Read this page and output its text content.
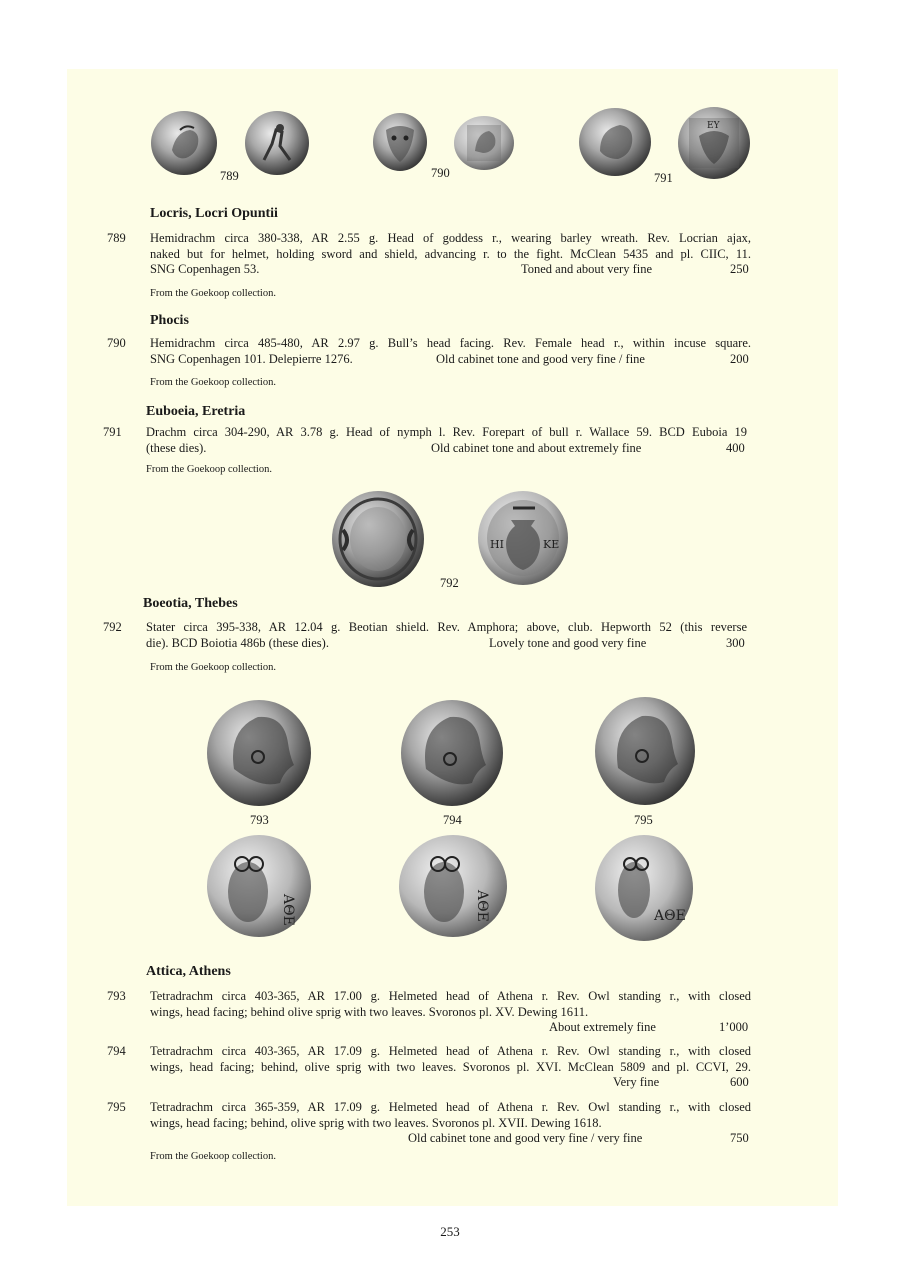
789	790
ΕΥ
791
Locris, Locri Opuntii
789 Hemidrachm circa 380-338, AR 2.55 g. Head of goddess r., wearing barley wreath. Rev. Locrian ajax,
naked but for helmet, holding sword and shield, advancing r. to the fight. McClean 5435 and pl. CIIC, 11.
SNG Copenhagen 53.	Toned and about very fine	250
From the Goekoop collection.
Phocis
790 Hemidrachm circa 485-480, AR 2.97 g. Bull’s head facing. Rev. Female head r., within incuse square.
SNG Copenhagen 101. Delepierre 1276.	Old cabinet tone and good very fine / fine	200
From the Goekoop collection.
Euboeia, Eretria
791 Drachm circa 304-290, AR 3.78 g. Head of nymph l. Rev. Forepart of bull r. Wallace 59. BCD Euboia 19
(these dies).	Old cabinet tone and about extremely fine	400
From the Goekoop collection.
HI	ΚΕ
792
Boeotia, Thebes
792 Stater circa 395-338, AR 12.04 g. Beotian shield. Rev. Amphora; above, club. Hepworth 52 (this reverse
die). BCD Boiotia 486b (these dies).	Lovely tone and good very fine	300
From the Goekoop collection.
793	794	795
ΑΘΕ	ΑΘΕ	ΑΘΕ
Attica, Athens
793 Tetradrachm circa 403-365, AR 17.00 g. Helmeted head of Athena r. Rev. Owl standing r., with closed
wings, head facing; behind olive sprig with two leaves. Svoronos pl. XV. Dewing 1611.
About extremely fine	1’000
794 Tetradrachm circa 403-365, AR 17.09 g. Helmeted head of Athena r. Rev. Owl standing r., with closed
wings, head facing; behind, olive sprig with two leaves. Svoronos pl. XVI. McClean 5809 and pl. CCVI, 29.
Very fine	600
795 Tetradrachm circa 365-359, AR 17.09 g. Helmeted head of Athena r. Rev. Owl standing r., with closed
wings, head facing; behind, olive sprig with two leaves. Svoronos pl. XVII. Dewing 1618.
Old cabinet tone and good very fine / very fine	750
From the Goekoop collection.
253
